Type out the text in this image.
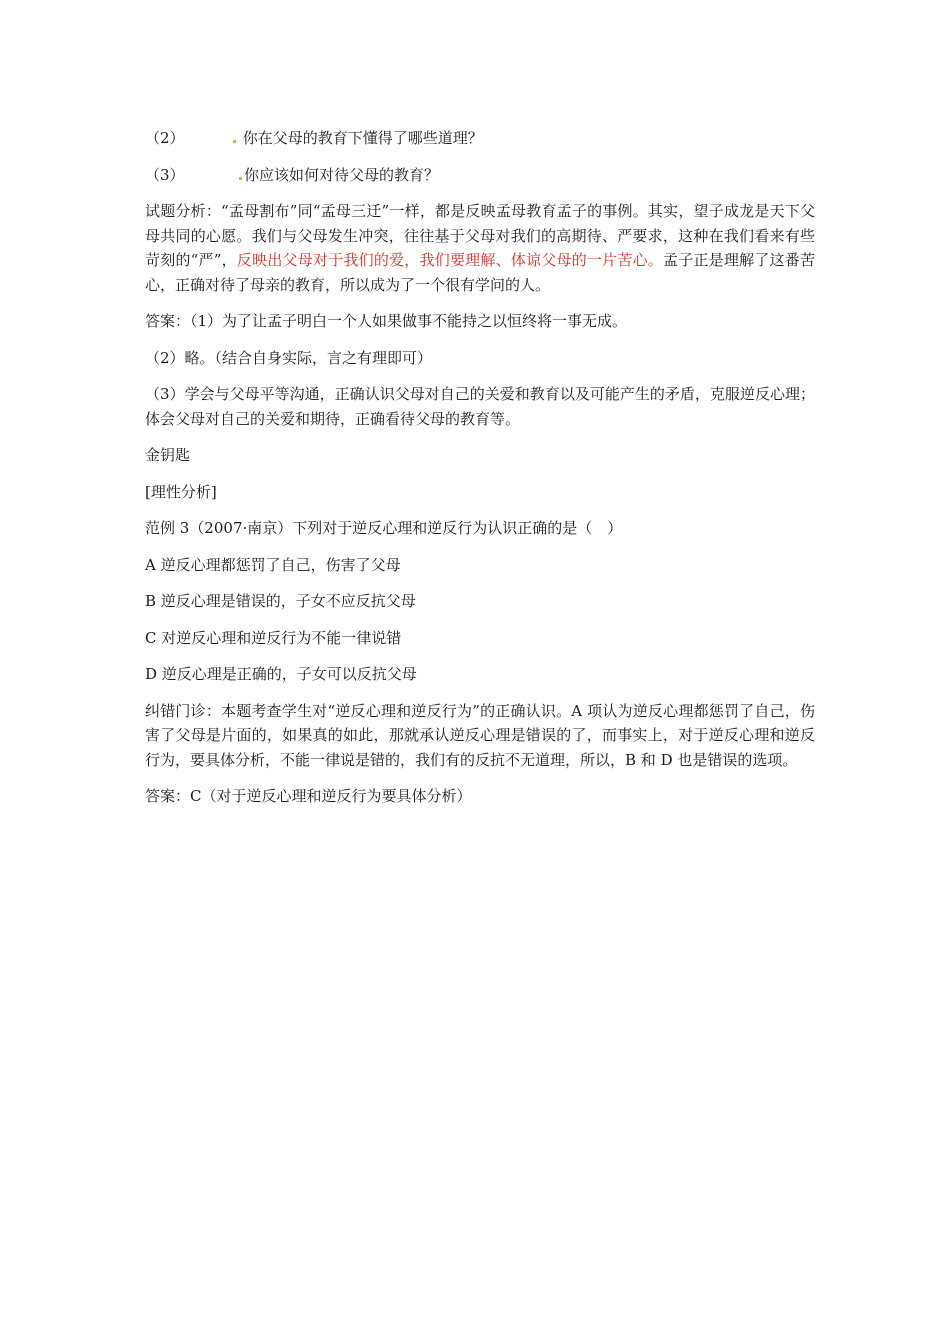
（2）	你在父母的教育下懂得了哪些道理？

（3）	你应该如何对待父母的教育？

试题分析：“孟母割布”同“孟母三迁”一样，都是反映孟母教育孟子的事例。其实，望子成龙是天下父母共同的心愿。我们与父母发生冲突，往往基于父母对我们的高期待、严要求，这种在我们看来有些苛刻的“严”，反映出父母对于我们的爱，我们要理解、体谅父母的一片苦心。孟子正是理解了这番苦心，正确对待了母亲的教育，所以成为了一个很有学问的人。

答案：（1）为了让孟子明白一个人如果做事不能持之以恒终将一事无成。

（2）略。（结合自身实际，言之有理即可）

（3）学会与父母平等沟通，正确认识父母对自己的关爱和教育以及可能产生的矛盾，克服逆反心理；体会父母对自己的关爱和期待，正确看待父母的教育等。

金钥匙

[理性分析]

范例 3（2007·南京）下列对于逆反心理和逆反行为认识正确的是（　）

A 逆反心理都惩罚了自己，伤害了父母

B 逆反心理是错误的，子女不应反抗父母

C 对逆反心理和逆反行为不能一律说错

D 逆反心理是正确的，子女可以反抗父母

纠错门诊：本题考查学生对“逆反心理和逆反行为”的正确认识。A 项认为逆反心理都惩罚了自己，伤害了父母是片面的，如果真的如此，那就承认逆反心理是错误的了，而事实上，对于逆反心理和逆反行为，要具体分析，不能一律说是错的，我们有的反抗不无道理，所以，B 和 D 也是错误的选项。

答案：C（对于逆反心理和逆反行为要具体分析）
